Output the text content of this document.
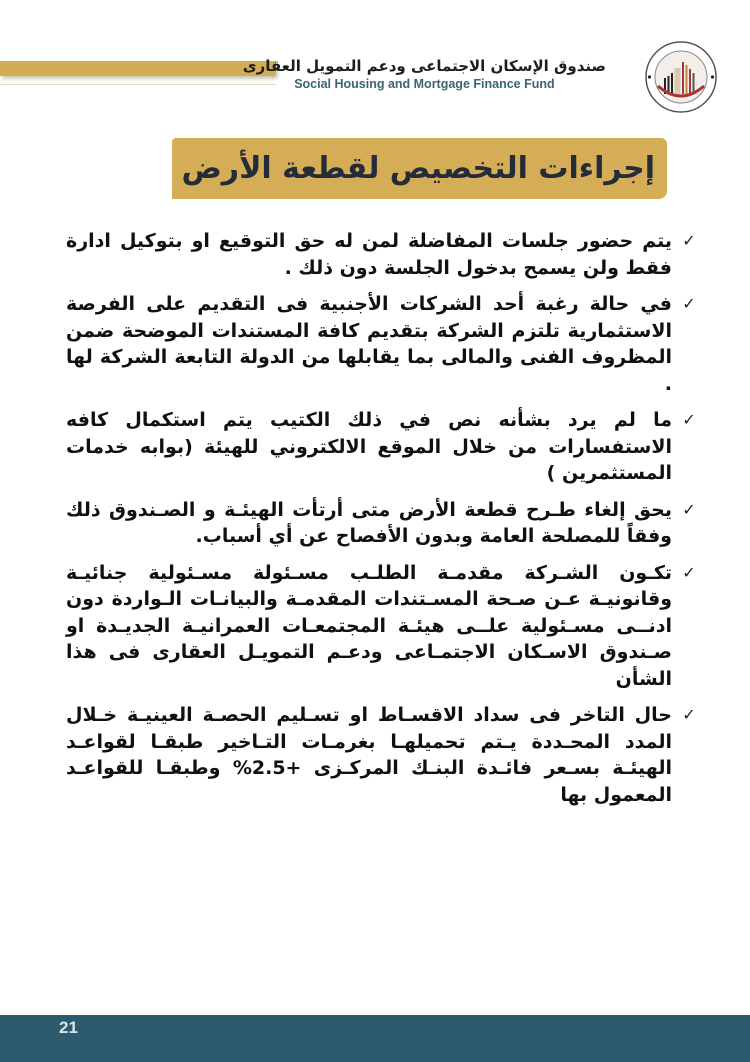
صندوق الإسكان الاجتماعى ودعم التمويل العقارى
Social Housing and Mortgage Finance Fund
إجراءات التخصيص لقطعة الأرض
✓
يتم حضور جلسات المفاضلة لمن له حق التوقيع او بتوكيل ادارة فقط ولن يسمح بدخول الجلسة دون ذلك .
✓
في حالة رغبة أحد الشركات الأجنبية فى التقديم على الفرصة الاستثمارية تلتزم الشركة بتقديم كافة المستندات الموضحة ضمن المظروف الفنى والمالى بما يقابلها من الدولة التابعة الشركة لها .
✓
ما لم يرد بشأنه نص في ذلك الكتيب يتم استكمال كافه الاستفسارات من خلال الموقع الالكتروني للهيئة (بوابه خدمات المستثمرين )
✓
يحق إلغاء طـرح قطعة الأرض متى أرتأت الهيئـة و الصـندوق ذلك وفقاً للمصلحة العامة وبدون الأفصاح عن أي أسباب.
✓
تكـون الشـركة مقدمـة الطلـب مسـئولة مسـئولية جنائيـة وقانونيـة عـن صـحة المسـتندات المقدمـة والبيانـات الـواردة دون ادنــى مسـئولية علــى هيئـة المجتمعـات العمرانيـة الجديـدة او صـندوق الاسـكان الاجتمـاعى ودعـم التمويـل العقارى فى هذا الشأن
✓
حال التاخر فى سداد الاقسـاط او تسـليم الحصـة العينيـة خـلال المدد المحـددة يـتم تحميلهـا بغرمـات التـاخير طبقـا لقواعـد الهيئـة بسـعر فائـدة البنـك المركـزى +2.5% وطبقـا للقواعـد المعمول بها
21
